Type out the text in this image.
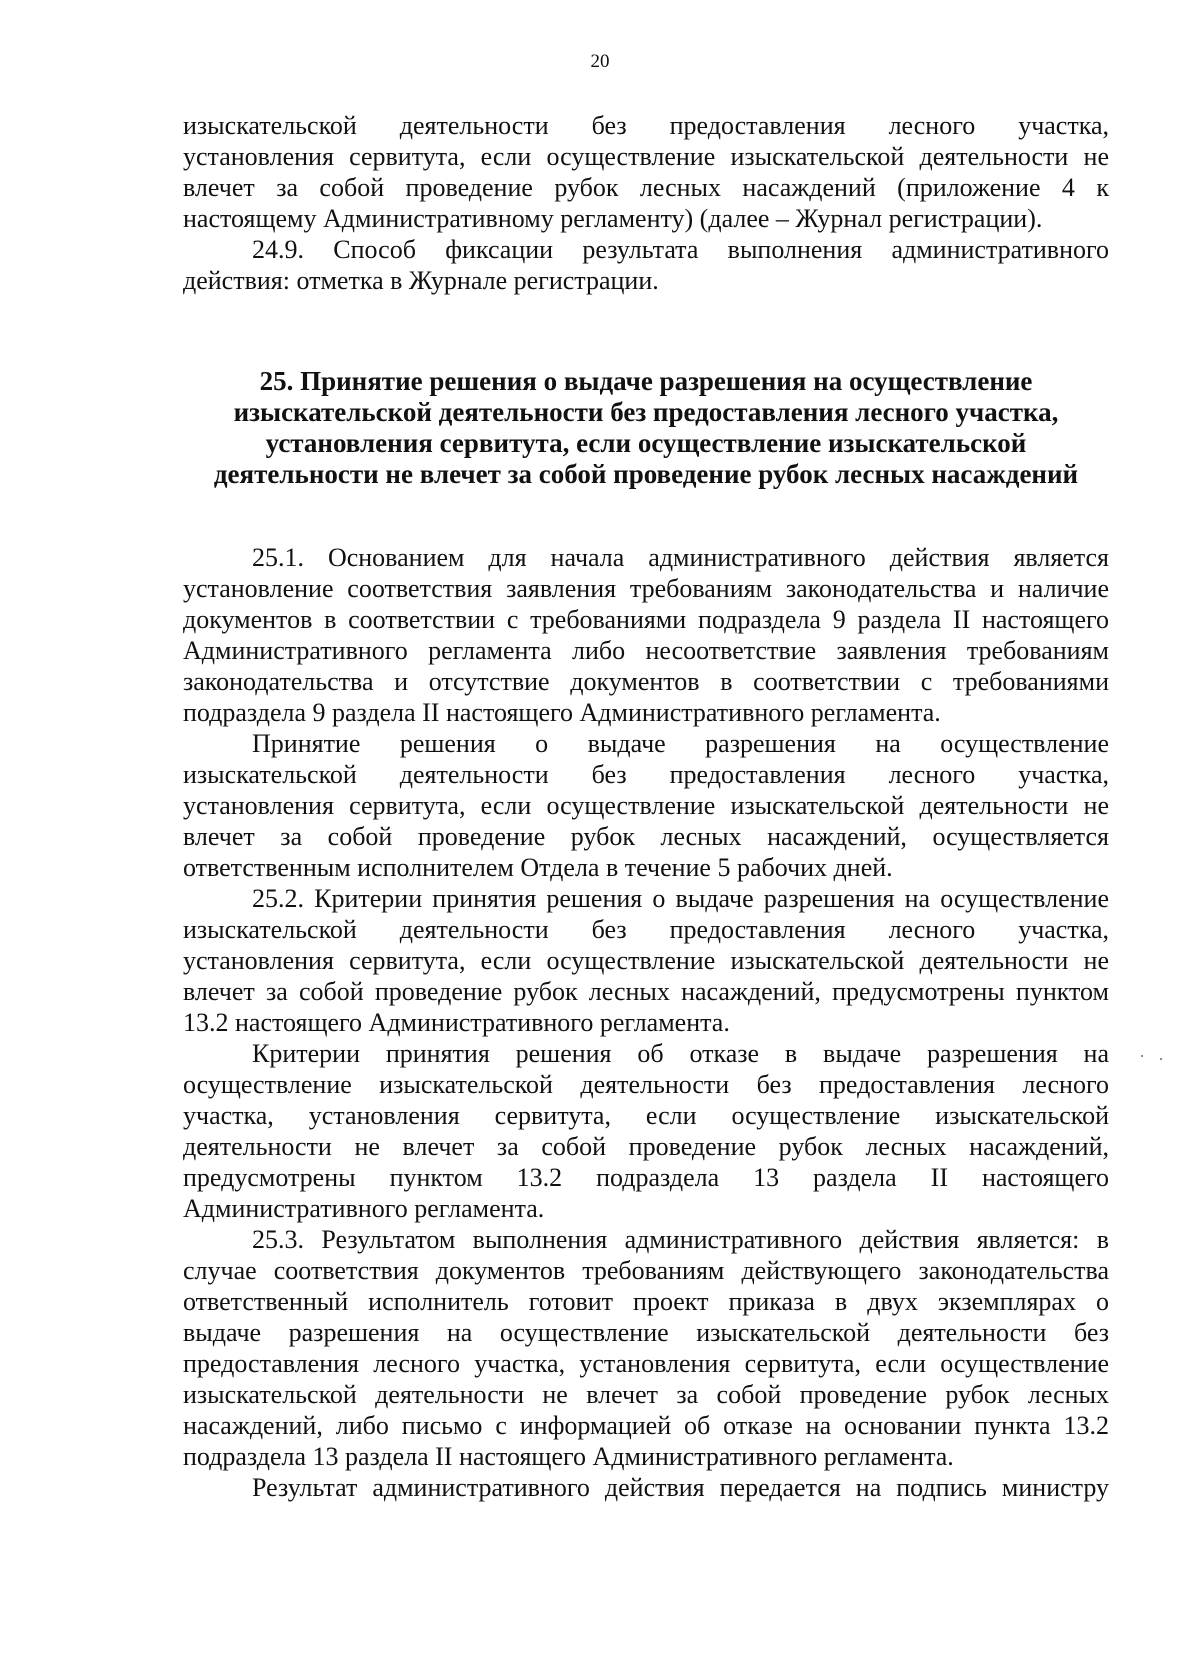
20
изыскательской деятельности без предоставления лесного участка,
установления сервитута, если осуществление изыскательской деятельности не
влечет за собой проведение рубок лесных насаждений (приложение 4 к
настоящему Административному регламенту) (далее – Журнал регистрации).
24.9. Способ фиксации результата выполнения административного
действия: отметка в Журнале регистрации.
25. Принятие решения о выдаче разрешения на осуществление
изыскательской деятельности без предоставления лесного участка,
установления сервитута, если осуществление изыскательской
деятельности не влечет за собой проведение рубок лесных насаждений
25.1. Основанием для начала административного действия является
установление соответствия заявления требованиям законодательства и наличие
документов в соответствии с требованиями подраздела 9 раздела II настоящего
Административного регламента либо несоответствие заявления требованиям
законодательства и отсутствие документов в соответствии с требованиями
подраздела 9 раздела II настоящего Административного регламента.
Принятие решения о выдаче разрешения на осуществление
изыскательской деятельности без предоставления лесного участка,
установления сервитута, если осуществление изыскательской деятельности не
влечет за собой проведение рубок лесных насаждений, осуществляется
ответственным исполнителем Отдела в течение 5 рабочих дней.
25.2. Критерии принятия решения о выдаче разрешения на осуществление
изыскательской деятельности без предоставления лесного участка,
установления сервитута, если осуществление изыскательской деятельности не
влечет за собой проведение рубок лесных насаждений, предусмотрены пунктом
13.2 настоящего Административного регламента.
Критерии принятия решения об отказе в выдаче разрешения на
осуществление изыскательской деятельности без предоставления лесного
участка, установления сервитута, если осуществление изыскательской
деятельности не влечет за собой проведение рубок лесных насаждений,
предусмотрены пунктом 13.2 подраздела 13 раздела II настоящего
Административного регламента.
25.3. Результатом выполнения административного действия является: в
случае соответствия документов требованиям действующего законодательства
ответственный исполнитель готовит проект приказа в двух экземплярах о
выдаче разрешения на осуществление изыскательской деятельности без
предоставления лесного участка, установления сервитута, если осуществление
изыскательской деятельности не влечет за собой проведение рубок лесных
насаждений, либо письмо с информацией об отказе на основании пункта 13.2
подраздела 13 раздела II настоящего Административного регламента.
Результат административного действия передается на подпись министру
